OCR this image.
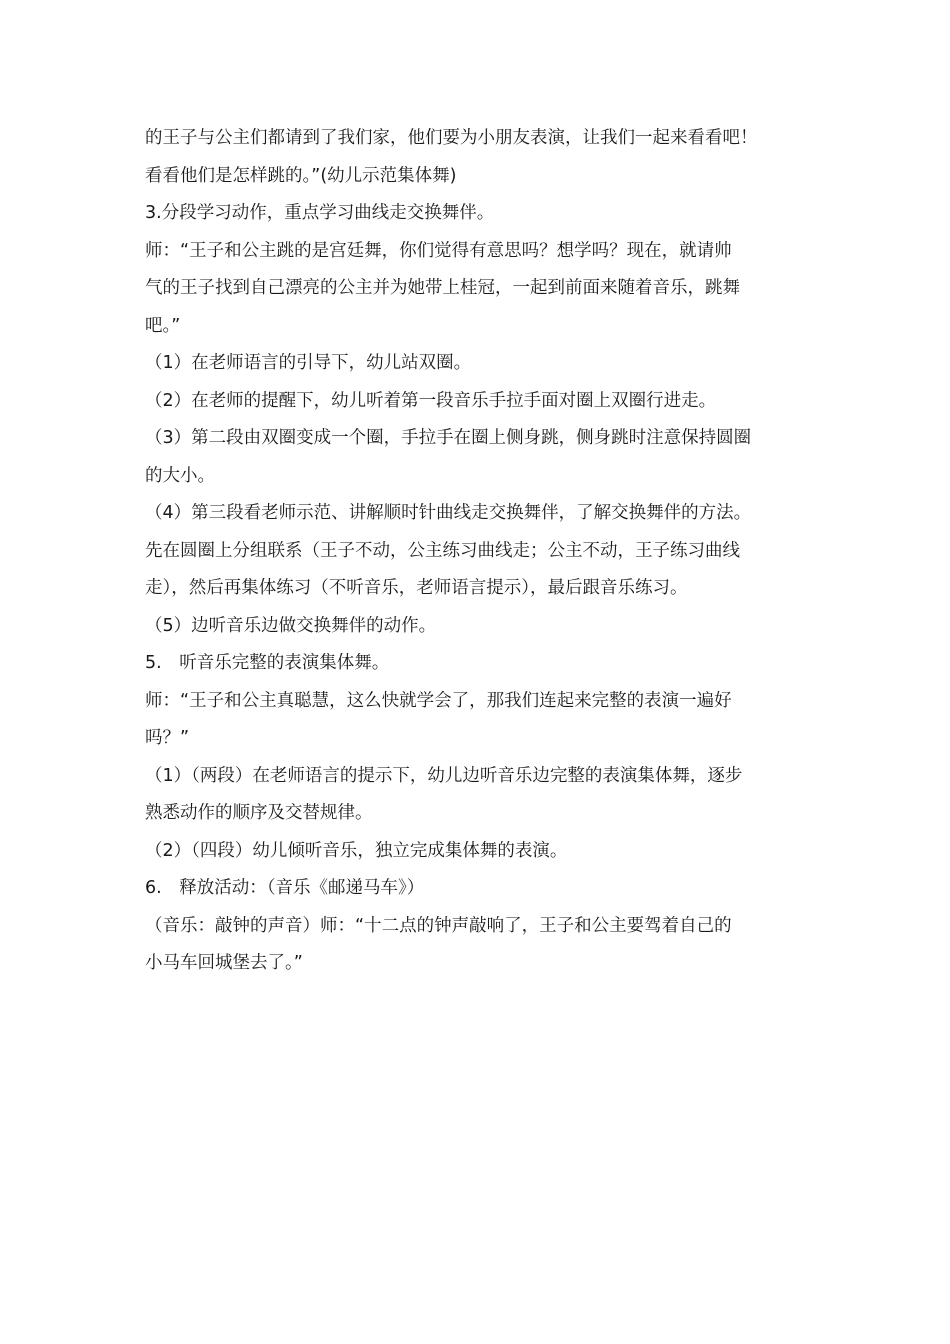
的王子与公主们都请到了我们家，他们要为小朋友表演，让我们一起来看看吧！
看看他们是怎样跳的。”(幼儿示范集体舞)
3.分段学习动作，重点学习曲线走交换舞伴。
师：“王子和公主跳的是宫廷舞，你们觉得有意思吗？想学吗？现在，就请帅
气的王子找到自己漂亮的公主并为她带上桂冠，一起到前面来随着音乐，跳舞
吧。”
（1）在老师语言的引导下，幼儿站双圈。
（2）在老师的提醒下，幼儿听着第一段音乐手拉手面对圈上双圈行进走。
（3）第二段由双圈变成一个圈，手拉手在圈上侧身跳，侧身跳时注意保持圆圈
的大小。
（4）第三段看老师示范、讲解顺时针曲线走交换舞伴，了解交换舞伴的方法。
先在圆圈上分组联系（王子不动，公主练习曲线走；公主不动，王子练习曲线
走），然后再集体练习（不听音乐，老师语言提示），最后跟音乐练习。
（5）边听音乐边做交换舞伴的动作。
5.　听音乐完整的表演集体舞。
师：“王子和公主真聪慧，这么快就学会了，那我们连起来完整的表演一遍好
吗？”
（1）（两段）在老师语言的提示下，幼儿边听音乐边完整的表演集体舞，逐步
熟悉动作的顺序及交替规律。
（2）（四段）幼儿倾听音乐，独立完成集体舞的表演。
6.　释放活动：（音乐《邮递马车》）
（音乐：敲钟的声音）师：“十二点的钟声敲响了，王子和公主要驾着自己的
小马车回城堡去了。”
